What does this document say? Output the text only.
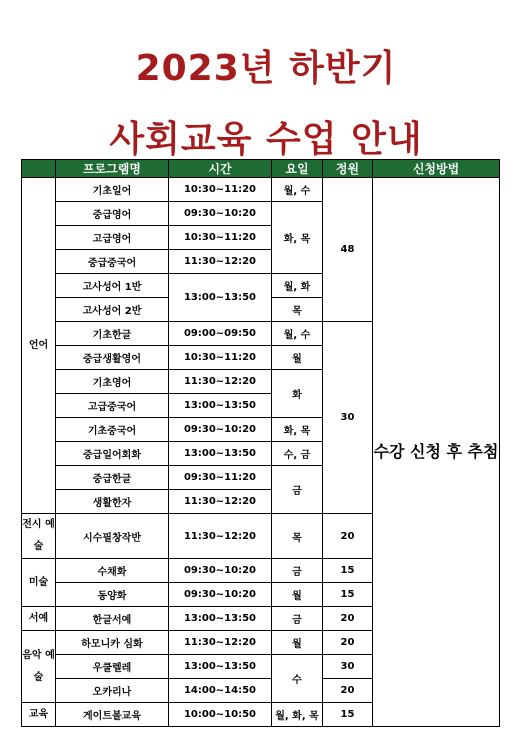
2023년 하반기
사회교육 수업 안내
	프로그램명	시간	요일	정원	신청방법
언어	기초일어	10:30~11:20	월, 수	48	수강 신청 후 추첨
	중급영어	09:30~10:20	화, 목		
	고급영어	10:30~11:20			
	중급중국어	11:30~12:20			
	고사성어 1반	13:00~13:50	월, 화		
	고사성어 2반		목		
	기초한글	09:00~09:50	월, 수	30	
	중급생활영어	10:30~11:20	월		
	기초영어	11:30~12:20	화		
	고급중국어	13:00~13:50			
	기초중국어	09:30~10:20	화, 목		
	중급일어회화	13:00~13:50	수, 금		
	중급한글	09:30~11:20	금		
	생활한자	11:30~12:20			
전시 예술	시수필창작반	11:30~12:20	목	20	
미술	수채화	09:30~10:20	금	15	
	동양화	09:30~10:20	월	15	
서예	한글서예	13:00~13:50	금	20	
음악 예술	하모니카 심화	11:30~12:20	월	20	
	우쿨렐레	13:00~13:50	수	30	
	오카리나	14:00~14:50		20	
교육	게이트볼교육	10:00~10:50	월, 화, 목	15	
